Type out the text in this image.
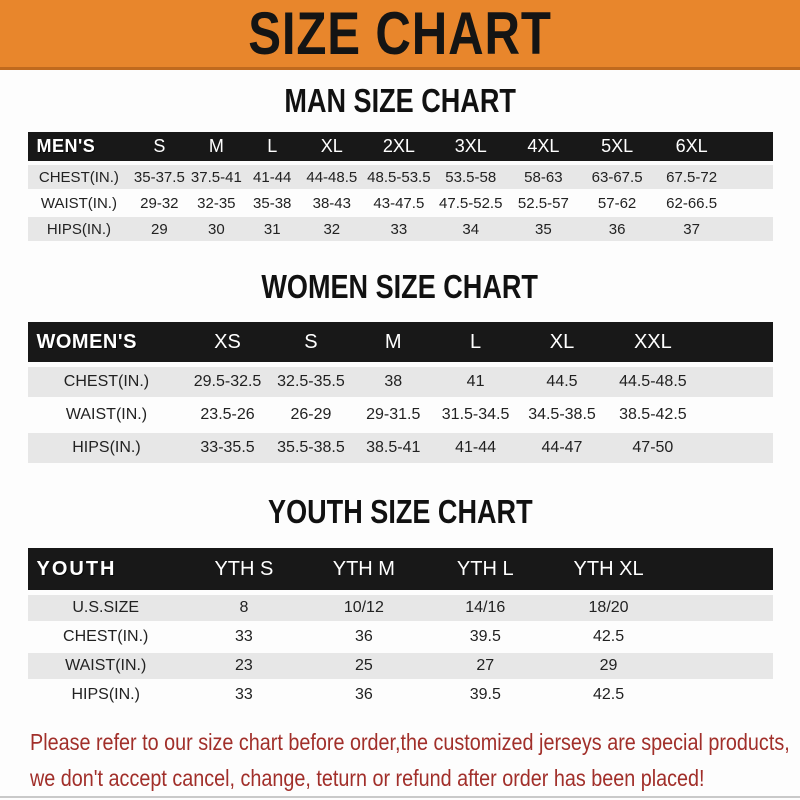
SIZE CHART
MAN SIZE CHART
MEN'S	S	M	L	XL	2XL	3XL	4XL	5XL	6XL
CHEST(IN.)	35-37.5 37.5-41 41-44 44-48.5 48.5-53.5 53.5-58	58-63	63-67.5	67.5-72
WAIST(IN.)	29-32	32-35	35-38	38-43	43-47.5 47.5-52.5	52.5-57	57-62	62-66.5
HIPS(IN.)	29	30	31	32	33	34	35	36	37
WOMEN SIZE CHART
WOMEN'S	XS	S	M	L	XL	XXL
CHEST(IN.)	29.5-32.5 32.5-35.5	38	41	44.5	44.5-48.5
WAIST(IN.)	23.5-26	26-29	29-31.5	31.5-34.5	34.5-38.5	38.5-42.5
HIPS(IN.)	33-35.5	35.5-38.5	38.5-41	41-44	44-47	47-50
YOUTH SIZE CHART
YOUTH	YTH S	YTH M	YTH L	YTH XL
U.S.SIZE	8	10/12	14/16	18/20
CHEST(IN.)	33	36	39.5	42.5
WAIST(IN.)	23	25	27	29
HIPS(IN.)	33	36	39.5	42.5

Please refer to our size chart before order,the customized jerseys are special products,

we don't accept cancel, change, teturn or refund after order has been placed!
